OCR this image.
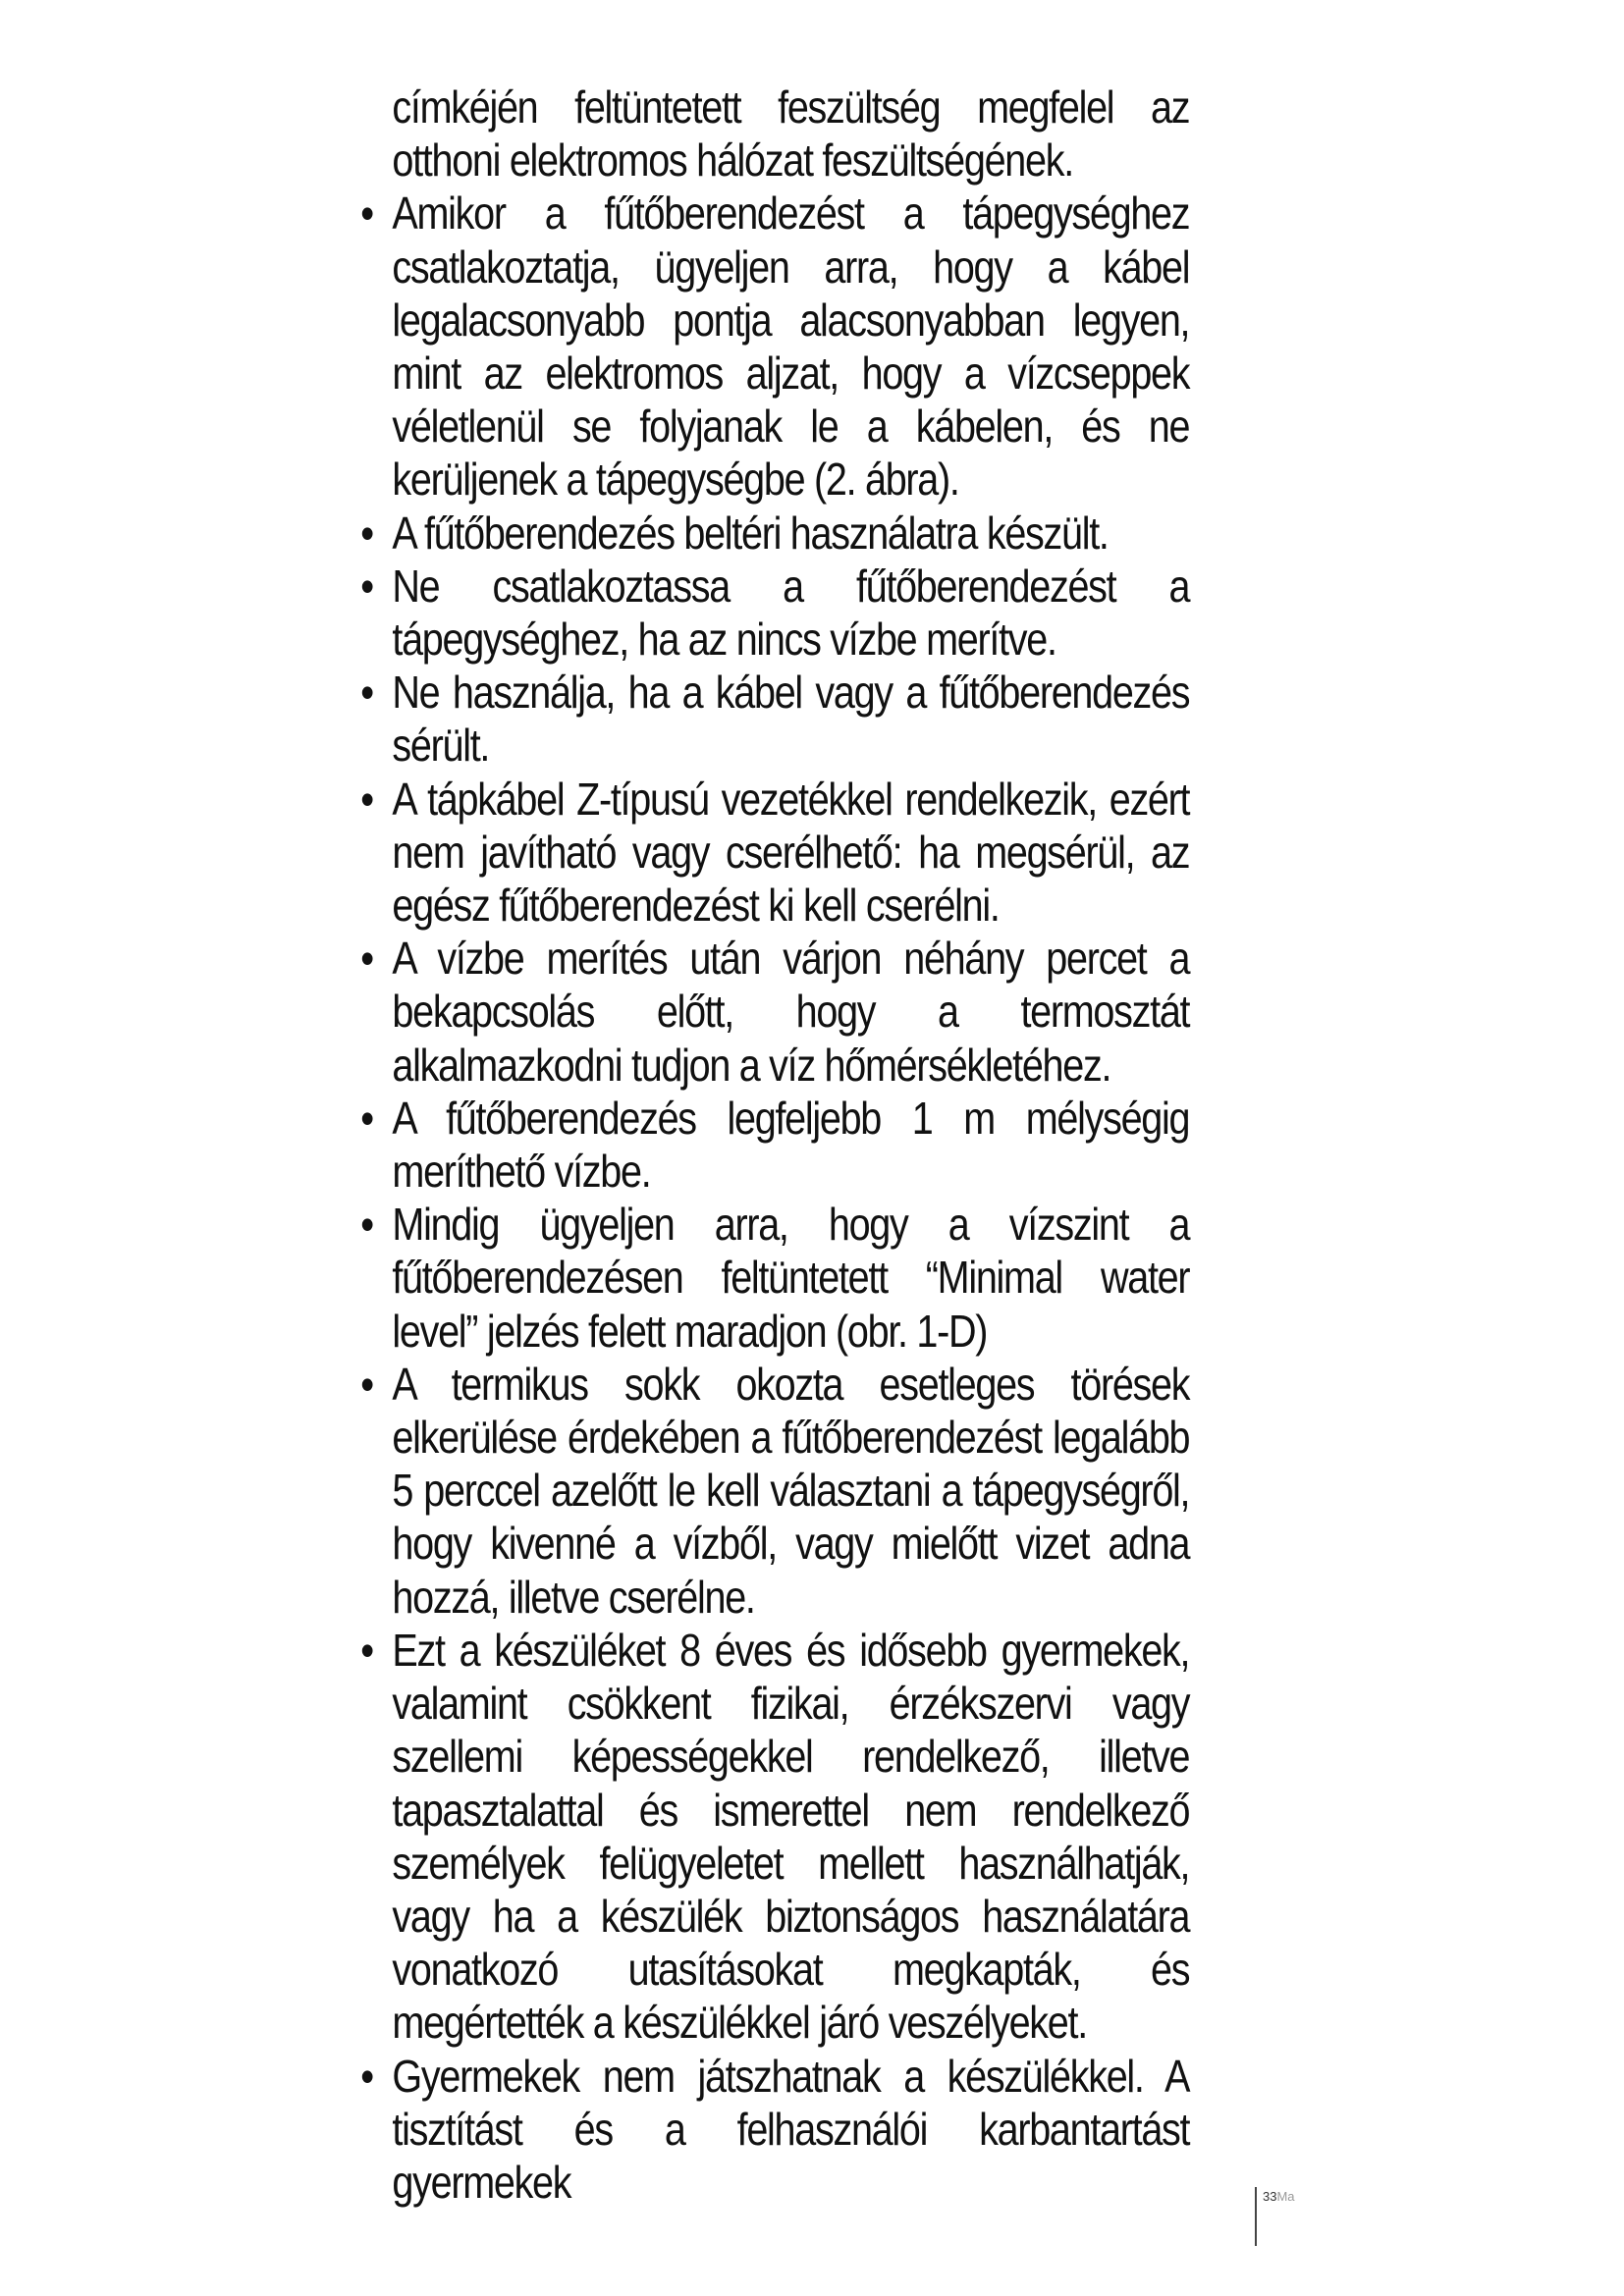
címkéjén feltüntetett feszültség megfelel az otthoni elektromos hálózat feszültségének.

• Amikor a fűtőberendezést a tápegységhez csatlakoztatja, ügyeljen arra, hogy a kábel legalacsonyabb pontja alacsonyabban legyen, mint az elektromos aljzat, hogy a vízcseppek véletlenül se folyjanak le a kábelen, és ne kerüljenek a tápegységbe (2. ábra).
• A fűtőberendezés beltéri használatra készült.
• Ne csatlakoztassa a fűtőberendezést a tápegységhez, ha az nincs vízbe merítve.
• Ne használja, ha a kábel vagy a fűtőberendezés sérült.
• A tápkábel Z-típusú vezetékkel rendelkezik, ezért nem javítható vagy cserélhető: ha megsérül, az egész fűtőberendezést ki kell cserélni.
• A vízbe merítés után várjon néhány percet a bekapcsolás előtt, hogy a termosztát alkalmazkodni tudjon a víz hőmérsékletéhez.
• A fűtőberendezés legfeljebb 1 m mélységig meríthető vízbe.
• Mindig ügyeljen arra, hogy a vízszint a fűtőberendezésen feltüntetett “Minimal water level” jelzés felett maradjon (obr. 1-D)
• A termikus sokk okozta esetleges törések elkerülése érdekében a fűtőberendezést legalább 5 perccel azelőtt le kell választani a tápegységről, hogy kivenné a vízből, vagy mielőtt vizet adna hozzá, illetve cserélne.
• Ezt a készüléket 8 éves és idősebb gyermekek, valamint csökkent fizikai, érzékszervi vagy szellemi képességekkel rendelkező, illetve tapasztalattal és ismerettel nem rendelkező személyek felügyeletet mellett használhatják, vagy ha a készülék biztonságos használatára vonatkozó utasításokat megkapták, és megértették a készülékkel járó veszélyeket.
• Gyermekek nem játszhatnak a készülékkel. A tisztítást és a felhasználói karbantartást gyermekek	33Ma
